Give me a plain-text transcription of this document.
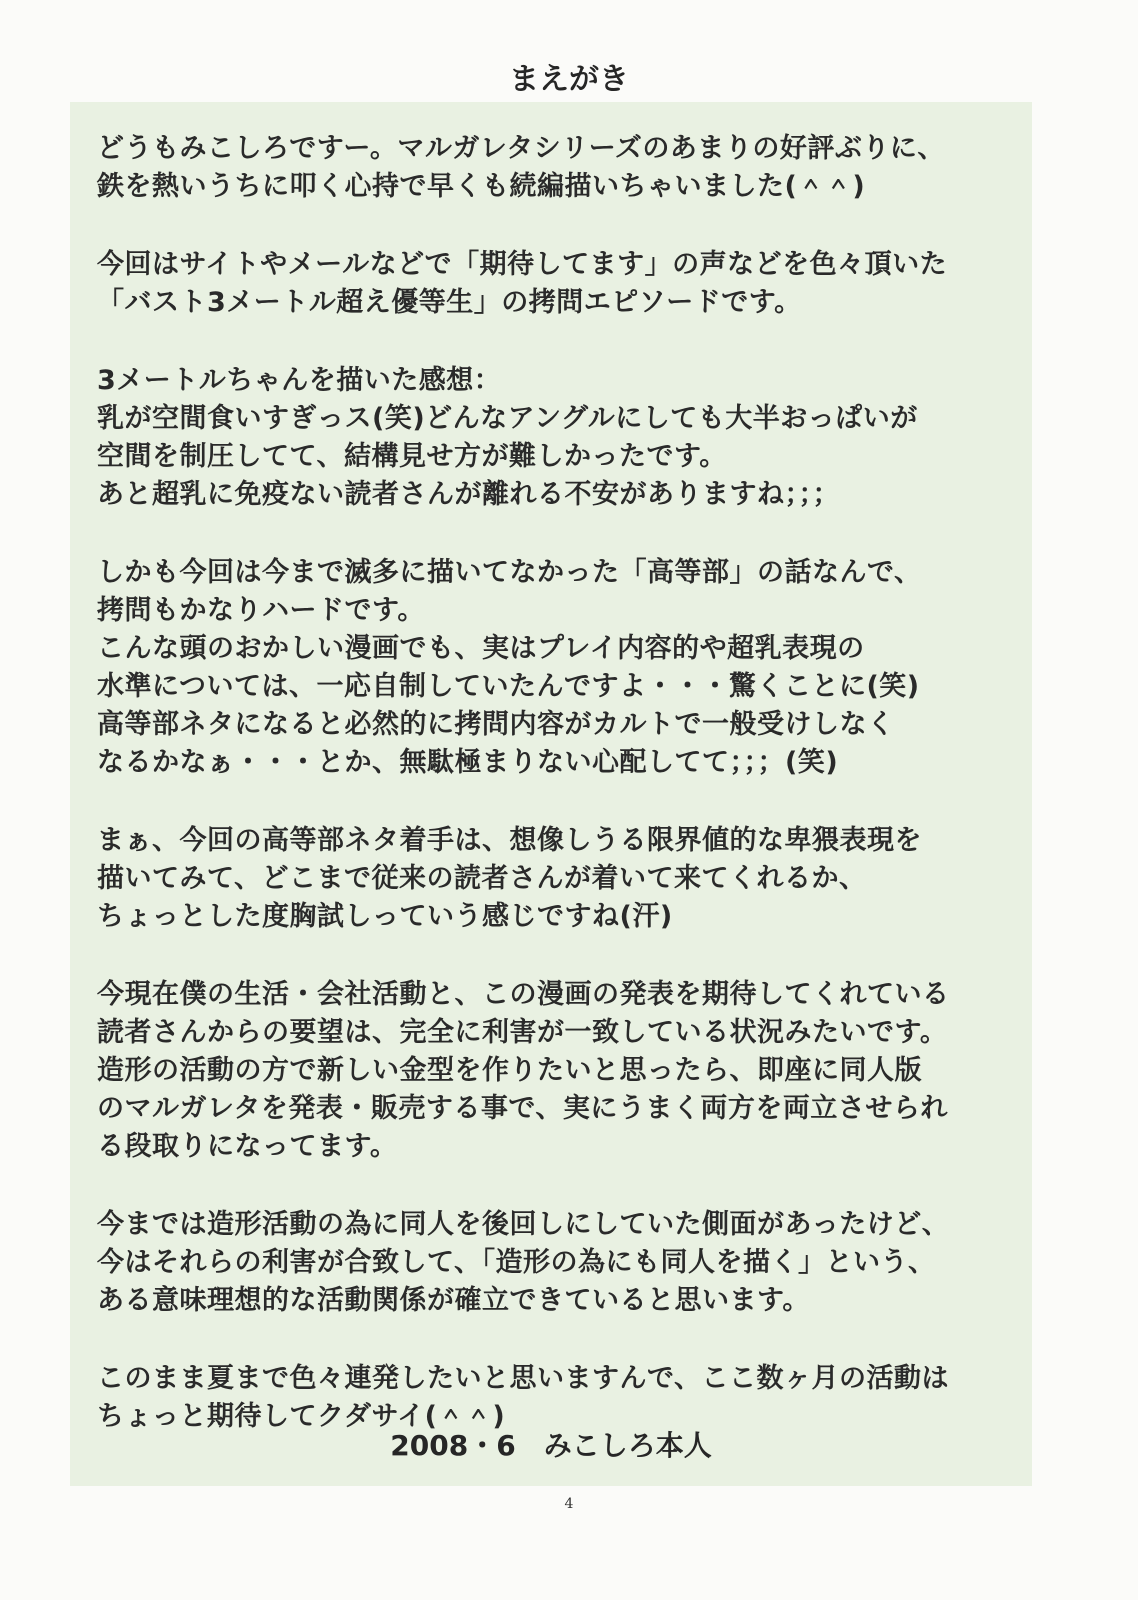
まえがき
どうもみこしろですー。マルガレタシリーズのあまりの好評ぶりに、
鉄を熱いうちに叩く心持で早くも続編描いちゃいました(＾＾)
今回はサイトやメールなどで「期待してます」の声などを色々頂いた
「バスト3メートル超え優等生」の拷問エピソードです。
3メートルちゃんを描いた感想：
乳が空間食いすぎっス(笑)どんなアングルにしても大半おっぱいが
空間を制圧してて、結構見せ方が難しかったです。
あと超乳に免疫ない読者さんが離れる不安がありますね；；；
しかも今回は今まで滅多に描いてなかった「高等部」の話なんで、
拷問もかなりハードです。
こんな頭のおかしい漫画でも、実はプレイ内容的や超乳表現の
水準については、一応自制していたんですよ・・・驚くことに(笑)
高等部ネタになると必然的に拷問内容がカルトで一般受けしなく
なるかなぁ・・・とか、無駄極まりない心配してて；；；(笑)
まぁ、今回の高等部ネタ着手は、想像しうる限界値的な卑猥表現を
描いてみて、どこまで従来の読者さんが着いて来てくれるか、
ちょっとした度胸試しっていう感じですね(汗)
今現在僕の生活・会社活動と、この漫画の発表を期待してくれている
読者さんからの要望は、完全に利害が一致している状況みたいです。
造形の活動の方で新しい金型を作りたいと思ったら、即座に同人版
のマルガレタを発表・販売する事で、実にうまく両方を両立させられ
る段取りになってます。
今までは造形活動の為に同人を後回しにしていた側面があったけど、
今はそれらの利害が合致して、「造形の為にも同人を描く」という、
ある意味理想的な活動関係が確立できていると思います。
このまま夏まで色々連発したいと思いますんで、ここ数ヶ月の活動は
ちょっと期待してクダサイ(＾＾)
2008・6　みこしろ本人
4
